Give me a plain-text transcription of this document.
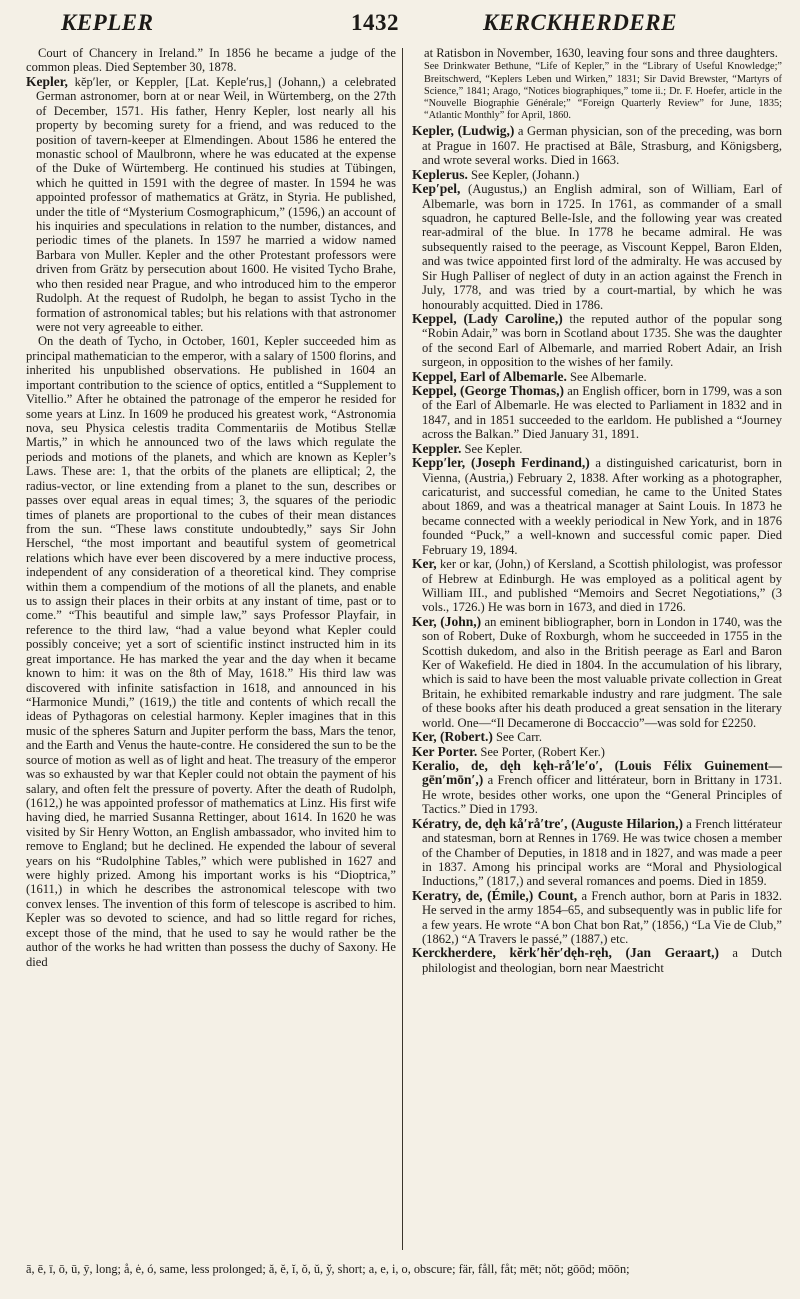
KEPLER	1432	KERCKHERDERE

Court of Chancery in Ireland.” In 1856 he became a judge of the common pleas. Died September 30, 1878.

Kepler, kĕp′ler, or Keppler, [Lat. Keple′rus,] (Johann,) a celebrated German astronomer, born at or near Weil, in Würtemberg, on the 27th of December, 1571. His father, Henry Kepler, lost nearly all his property by becoming surety for a friend, and was reduced to the position of tavern-keeper at Elmendingen. About 1586 he entered the monastic school of Maulbronn, where he was educated at the expense of the Duke of Würtemberg. He continued his studies at Tübingen, which he quitted in 1591 with the degree of master. In 1594 he was appointed professor of mathematics at Grätz, in Styria. He published, under the title of “Mysterium Cosmographicum,” (1596,) an account of his inquiries and speculations in relation to the number, distances, and periodic times of the planets. In 1597 he married a widow named Barbara von Muller. Kepler and the other Protestant professors were driven from Grätz by persecution about 1600. He visited Tycho Brahe, who then resided near Prague, and who introduced him to the emperor Rudolph. At the request of Rudolph, he began to assist Tycho in the formation of astronomical tables; but his relations with that astronomer were not very agreeable to either.

On the death of Tycho, in October, 1601, Kepler succeeded him as principal mathematician to the emperor, with a salary of 1500 florins, and inherited his unpublished observations. He published in 1604 an important contribution to the science of optics, entitled a “Supplement to Vitellio.” After he obtained the patronage of the emperor he resided for some years at Linz. In 1609 he produced his greatest work, “Astronomia nova, seu Physica celestis tradita Commentariis de Motibus Stellæ Martis,” in which he announced two of the laws which regulate the periods and motions of the planets, and which are known as Kepler’s Laws. These are: 1, that the orbits of the planets are elliptical; 2, the radius-vector, or line extending from a planet to the sun, describes or passes over equal areas in equal times; 3, the squares of the periodic times of planets are proportional to the cubes of their mean distances from the sun. “These laws constitute undoubtedly,” says Sir John Herschel, “the most important and beautiful system of geometrical relations which have ever been discovered by a mere inductive process, independent of any consideration of a theoretical kind. They comprise within them a compendium of the motions of all the planets, and enable us to assign their places in their orbits at any instant of time, past or to come.” “This beautiful and simple law,” says Professor Playfair, in reference to the third law, “had a value beyond what Kepler could possibly conceive; yet a sort of scientific instinct instructed him in its great importance. He has marked the year and the day when it became known to him: it was on the 8th of May, 1618.” His third law was discovered with infinite satisfaction in 1618, and announced in his “Harmonice Mundi,” (1619,) the title and contents of which recall the ideas of Pythagoras on celestial harmony. Kepler imagines that in this music of the spheres Saturn and Jupiter perform the bass, Mars the tenor, and the Earth and Venus the haute-contre. He considered the sun to be the source of motion as well as of light and heat. The treasury of the emperor was so exhausted by war that Kepler could not obtain the payment of his salary, and often felt the pressure of poverty. After the death of Rudolph, (1612,) he was appointed professor of mathematics at Linz. His first wife having died, he married Susanna Rettinger, about 1614. In 1620 he was visited by Sir Henry Wotton, an English ambassador, who invited him to remove to England; but he declined. He expended the labour of several years on his “Rudolphine Tables,” which were published in 1627 and were highly prized. Among his important works is his “Dioptrica,” (1611,) in which he describes the astronomical telescope with two convex lenses. The invention of this form of telescope is ascribed to him. Kepler was so devoted to science, and had so little regard for riches, except those of the mind, that he used to say he would rather be the author of the works he had written than possess the duchy of Saxony. He died

at Ratisbon in November, 1630, leaving four sons and three daughters.

See Drinkwater Bethune, “Life of Kepler,” in the “Library of Useful Knowledge;” Breitschwerd, “Keplers Leben und Wirken,” 1831; Sir David Brewster, “Martyrs of Science,” 1841; Arago, “Notices biographiques,” tome ii.; Dr. F. Hoefer, article in the “Nouvelle Biographie Générale;” “Foreign Quarterly Review” for June, 1835; “Atlantic Monthly” for April, 1860.

Kepler, (Ludwig,) a German physician, son of the preceding, was born at Prague in 1607. He practised at Bâle, Strasburg, and Königsberg, and wrote several works. Died in 1663.

Keplerus. See Kepler, (Johann.)

Kep′pel, (Augustus,) an English admiral, son of William, Earl of Albemarle, was born in 1725. In 1761, as commander of a small squadron, he captured Belle-Isle, and the following year was created rear-admiral of the blue. In 1778 he became admiral. He was subsequently raised to the peerage, as Viscount Keppel, Baron Elden, and was twice appointed first lord of the admiralty. He was accused by Sir Hugh Palliser of neglect of duty in an action against the French in July, 1778, and was tried by a court-martial, by which he was honourably acquitted. Died in 1786.

Keppel, (Lady Caroline,) the reputed author of the popular song “Robin Adair,” was born in Scotland about 1735. She was the daughter of the second Earl of Albemarle, and married Robert Adair, an Irish surgeon, in opposition to the wishes of her family.

Keppel, Earl of Albemarle. See Albemarle.

Keppel, (George Thomas,) an English officer, born in 1799, was a son of the Earl of Albemarle. He was elected to Parliament in 1832 and in 1847, and in 1851 succeeded to the earldom. He published a “Journey across the Balkan.” Died January 31, 1891.

Keppler. See Kepler.

Kepp′ler, (Joseph Ferdinand,) a distinguished caricaturist, born in Vienna, (Austria,) February 2, 1838. After working as a photographer, caricaturist, and successful comedian, he came to the United States about 1869, and was a theatrical manager at Saint Louis. In 1873 he became connected with a weekly periodical in New York, and in 1876 founded “Puck,” a well-known and successful comic paper. Died February 19, 1894.

Ker, ker or kar, (John,) of Kersland, a Scottish philologist, was professor of Hebrew at Edinburgh. He was employed as a political agent by William III., and published “Memoirs and Secret Negotiations,” (3 vols., 1726.) He was born in 1673, and died in 1726.

Ker, (John,) an eminent bibliographer, born in London in 1740, was the son of Robert, Duke of Roxburgh, whom he succeeded in 1755 in the Scottish dukedom, and also in the British peerage as Earl and Baron Ker of Wakefield. He died in 1804. In the accumulation of his library, which is said to have been the most valuable private collection in Great Britain, he exhibited remarkable industry and rare judgment. The sale of these books after his death produced a great sensation in the literary world. One—“Il Decamerone di Boccaccio”—was sold for £2250.

Ker, (Robert.) See Carr.

Ker Porter. See Porter, (Robert Ker.)

Keralio, de, dęh kęh-rå′le′o′, (Louis Félix Guinement—gēn′mōn′,) a French officer and littérateur, born in Brittany in 1731. He wrote, besides other works, one upon the “General Principles of Tactics.” Died in 1793.

Kératry, de, dęh kå′rå′tre′, (Auguste Hilarion,) a French littérateur and statesman, born at Rennes in 1769. He was twice chosen a member of the Chamber of Deputies, in 1818 and in 1827, and was made a peer in 1837. Among his principal works are “Moral and Physiological Inductions,” (1817,) and several romances and poems. Died in 1859.

Keratry, de, (Émile,) Count, a French author, born at Paris in 1832. He served in the army 1854–65, and subsequently was in public life for a few years. He wrote “A bon Chat bon Rat,” (1856,) “La Vie de Club,” (1862,) “A Travers le passé,” (1887,) etc.

Kerckherdere, kĕrk′hĕr′dęh-ręh, (Jan Geraart,) a Dutch philologist and theologian, born near Maestricht

ā, ē, ī, ō, ū, ȳ, long; å, ė, ó, same, less prolonged; ă, ĕ, ĭ, ŏ, ŭ, y̆, short; a, e, i, o, obscure; fär, fåll, fåt; mēt; nŏt; gōōd; mōōn;
